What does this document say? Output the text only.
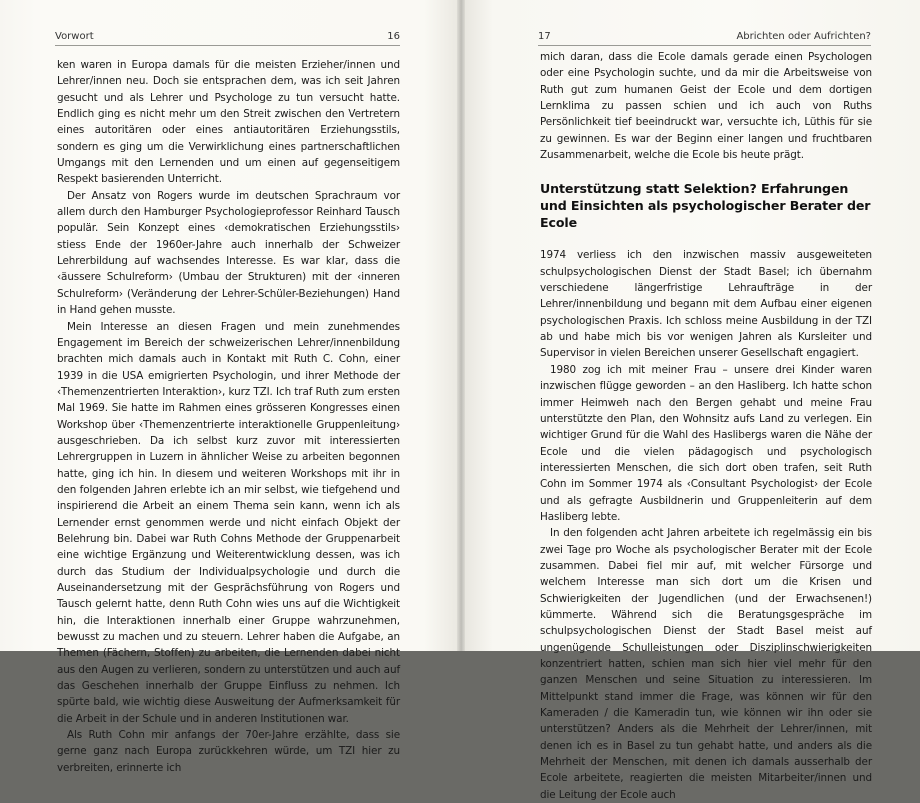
Vorwort	16

ken waren in Europa damals für die meisten Erzieher/innen und Lehrer/innen neu. Doch sie entsprachen dem, was ich seit Jahren gesucht und als Lehrer und Psychologe zu tun versucht hatte. Endlich ging es nicht mehr um den Streit zwischen den Vertretern eines autoritären oder eines antiautoritären Erziehungsstils, sondern es ging um die Verwirklichung eines partnerschaftlichen Umgangs mit den Lernenden und um einen auf gegenseitigem Respekt basierenden Unterricht.

Der Ansatz von Rogers wurde im deutschen Sprachraum vor allem durch den Hamburger Psychologieprofessor Reinhard Tausch populär. Sein Konzept eines ‹demokratischen Erziehungsstils› stiess Ende der 1960er-Jahre auch innerhalb der Schweizer Lehrerbildung auf wachsendes Interesse. Es war klar, dass die ‹äussere Schulreform› (Umbau der Strukturen) mit der ‹inneren Schulreform› (Veränderung der Lehrer-Schüler-Beziehungen) Hand in Hand gehen musste.

Mein Interesse an diesen Fragen und mein zunehmendes Engagement im Bereich der schweizerischen Lehrer/innenbildung brachten mich damals auch in Kontakt mit Ruth C. Cohn, einer 1939 in die USA emigrierten Psychologin, und ihrer Methode der ‹Themenzentrierten Interaktion›, kurz TZI. Ich traf Ruth zum ersten Mal 1969. Sie hatte im Rahmen eines grösseren Kongresses einen Workshop über ‹Themenzentrierte interaktionelle Gruppenleitung› ausgeschrieben. Da ich selbst kurz zuvor mit interessierten Lehrergruppen in Luzern in ähnlicher Weise zu arbeiten begonnen hatte, ging ich hin. In diesem und weiteren Workshops mit ihr in den folgenden Jahren erlebte ich an mir selbst, wie tiefgehend und inspirierend die Arbeit an einem Thema sein kann, wenn ich als Lernender ernst genommen werde und nicht einfach Objekt der Belehrung bin. Dabei war Ruth Cohns Methode der Gruppenarbeit eine wichtige Ergänzung und Weiterentwicklung dessen, was ich durch das Studium der Individualpsychologie und durch die Auseinandersetzung mit der Gesprächsführung von Rogers und Tausch gelernt hatte, denn Ruth Cohn wies uns auf die Wichtigkeit hin, die Interaktionen innerhalb einer Gruppe wahrzunehmen, bewusst zu machen und zu steuern. Lehrer haben die Aufgabe, an Themen (Fächern, Stoffen) zu arbeiten, die Lernenden dabei nicht aus den Augen zu verlieren, sondern zu unterstützen und auch auf das Geschehen innerhalb der Gruppe Einfluss zu nehmen. Ich spürte bald, wie wichtig diese Ausweitung der Aufmerksamkeit für die Arbeit in der Schule und in anderen Institutionen war.

Als Ruth Cohn mir anfangs der 70er-Jahre erzählte, dass sie gerne ganz nach Europa zurückkehren würde, um TZI hier zu verbreiten, erinnerte ich

17	Abrichten oder Aufrichten?

mich daran, dass die Ecole damals gerade einen Psychologen oder eine Psychologin suchte, und da mir die Arbeitsweise von Ruth gut zum humanen Geist der Ecole und dem dortigen Lernklima zu passen schien und ich auch von Ruths Persönlichkeit tief beeindruckt war, versuchte ich, Lüthis für sie zu gewinnen. Es war der Beginn einer langen und fruchtbaren Zusammenarbeit, welche die Ecole bis heute prägt.

Unterstützung statt Selektion? Erfahrungen und Einsichten als psychologischer Berater der Ecole

1974 verliess ich den inzwischen massiv ausgeweiteten schulpsychologischen Dienst der Stadt Basel; ich übernahm verschiedene längerfristige Lehraufträge in der Lehrer/innenbildung und begann mit dem Aufbau einer eigenen psychologischen Praxis. Ich schloss meine Ausbildung in der TZI ab und habe mich bis vor wenigen Jahren als Kursleiter und Supervisor in vielen Bereichen unserer Gesellschaft engagiert.

1980 zog ich mit meiner Frau – unsere drei Kinder waren inzwischen flügge geworden – an den Hasliberg. Ich hatte schon immer Heimweh nach den Bergen gehabt und meine Frau unterstützte den Plan, den Wohnsitz aufs Land zu verlegen. Ein wichtiger Grund für die Wahl des Haslibergs waren die Nähe der Ecole und die vielen pädagogisch und psychologisch interessierten Menschen, die sich dort oben trafen, seit Ruth Cohn im Sommer 1974 als ‹Consultant Psychologist› der Ecole und als gefragte Ausbildnerin und Gruppenleiterin auf dem Hasliberg lebte.

In den folgenden acht Jahren arbeitete ich regelmässig ein bis zwei Tage pro Woche als psychologischer Berater mit der Ecole zusammen. Dabei fiel mir auf, mit welcher Fürsorge und welchem Interesse man sich dort um die Krisen und Schwierigkeiten der Jugendlichen (und der Erwachsenen!) kümmerte. Während sich die Beratungsgespräche im schulpsychologischen Dienst der Stadt Basel meist auf ungenügende Schulleistungen oder Disziplinschwierigkeiten konzentriert hatten, schien man sich hier viel mehr für den ganzen Menschen und seine Situation zu interessieren. Im Mittelpunkt stand immer die Frage, was können wir für den Kameraden / die Kameradin tun, wie können wir ihn oder sie unterstützen? Anders als die Mehrheit der Lehrer/innen, mit denen ich es in Basel zu tun gehabt hatte, und anders als die Mehrheit der Menschen, mit denen ich damals ausserhalb der Ecole arbeitete, reagierten die meisten Mitarbeiter/innen und die Leitung der Ecole auch
